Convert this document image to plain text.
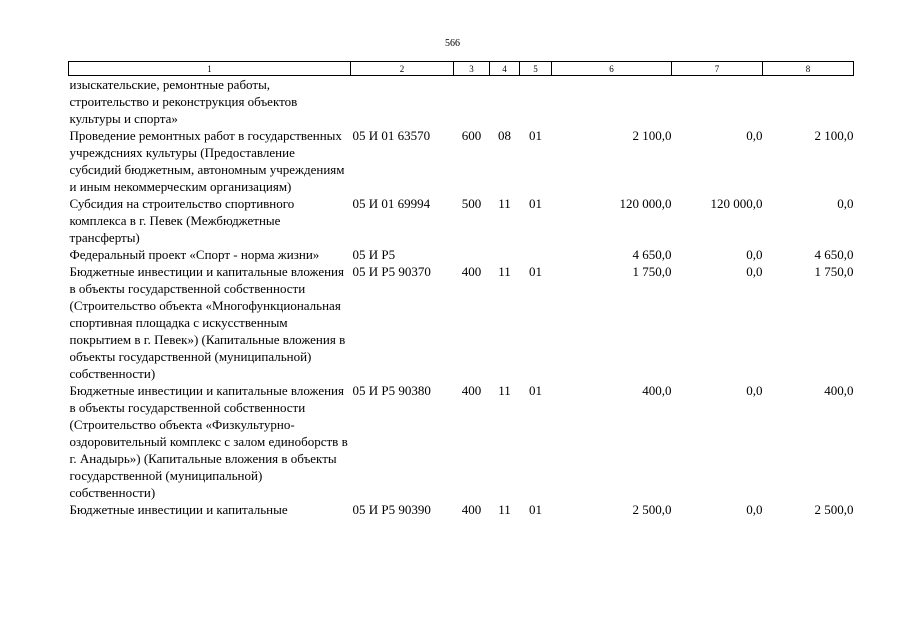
566
1	2	3	4	5	6	7	8
изыскательские, ремонтные работы, строительство и реконструкция объектов культуры и спорта»							
Проведение ремонтных работ в государственных учреждсниях культуры (Предоставление субсидий бюджетным, автономным учреждениям и иным некоммерческим организациям)	05 И 01 63570	600	08	01	2 100,0	0,0	2 100,0
Субсидия на строительство спортивного комплекса в г. Певек (Межбюджетные трансферты)	05 И 01 69994	500	11	01	120 000,0	120 000,0	0,0
Федеральный проект «Спорт - норма жизни»	05 И Р5				4 650,0	0,0	4 650,0
Бюджетные инвестиции и капитальные вложения в объекты государственной собственности (Строительство объекта «Многофункциональная спортивная площадка с искусственным покрытием в г. Певек») (Капитальные вложения в объекты государственной (муниципальной) собственности)	05 И Р5 90370	400	11	01	1 750,0	0,0	1 750,0
Бюджетные инвестиции и капитальные вложения в объекты государственной собственности (Строительство объекта «Физкультурно-оздоровительный комплекс с залом единоборств в г. Анадырь») (Капитальные вложения в объекты государственной (муниципальной) собственности)	05 И Р5 90380	400	11	01	400,0	0,0	400,0
Бюджетные инвестиции и капитальные	05 И Р5 90390	400	11	01	2 500,0	0,0	2 500,0
